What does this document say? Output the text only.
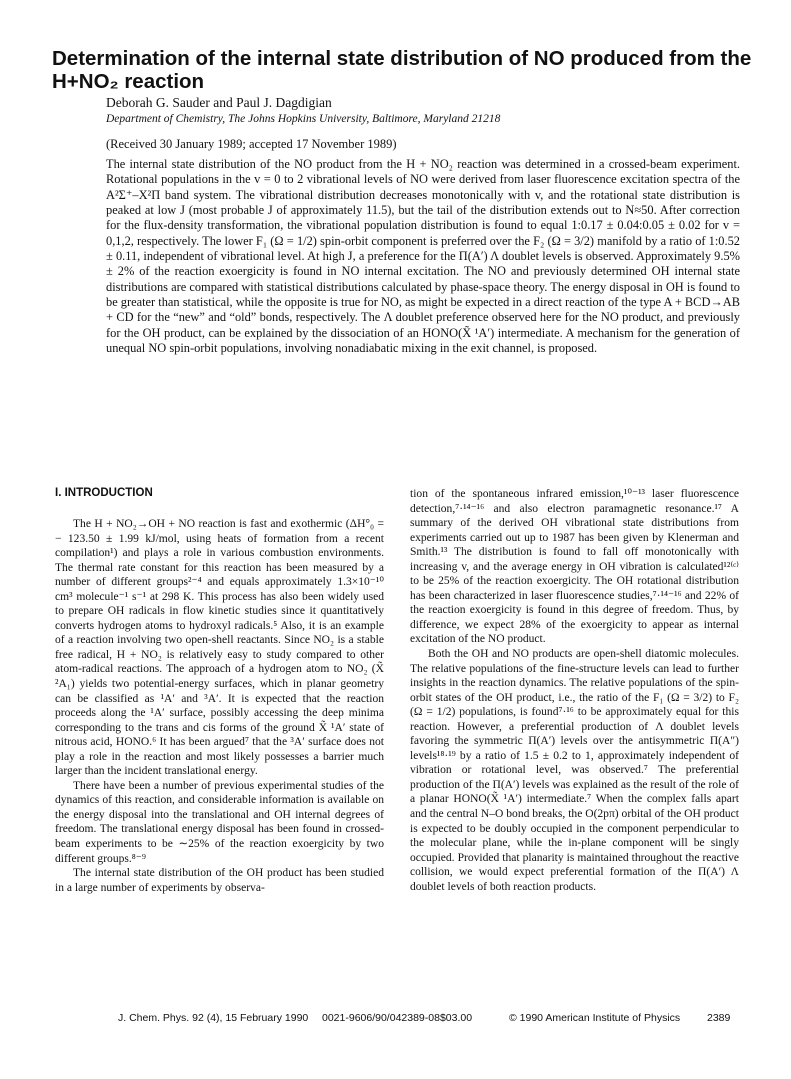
Determination of the internal state distribution of NO produced from the H+NO₂ reaction
Deborah G. Sauder and Paul J. Dagdigian
Department of Chemistry, The Johns Hopkins University, Baltimore, Maryland 21218
(Received 30 January 1989; accepted 17 November 1989)

The internal state distribution of the NO product from the H + NO₂ reaction was determined in a crossed-beam experiment. Rotational populations in the v = 0 to 2 vibrational levels of NO were derived from laser fluorescence excitation spectra of the A²Σ⁺–X²Π band system. The vibrational distribution decreases monotonically with v, and the rotational state distribution is peaked at low J (most probable J of approximately 11.5), but the tail of the distribution extends out to N≈50. After correction for the flux-density transformation, the vibrational population distribution is found to equal 1:0.17 ± 0.04:0.05 ± 0.02 for v = 0,1,2, respectively. The lower F₁ (Ω = 1/2) spin-orbit component is preferred over the F₂ (Ω = 3/2) manifold by a ratio of 1:0.52 ± 0.11, independent of vibrational level. At high J, a preference for the Π(A′) Λ doublet levels is observed. Approximately 9.5% ± 2% of the reaction exoergicity is found in NO internal excitation. The NO and previously determined OH internal state distributions are compared with statistical distributions calculated by phase-space theory. The energy disposal in OH is found to be greater than statistical, while the opposite is true for NO, as might be expected in a direct reaction of the type A + BCD→AB + CD for the “new” and “old” bonds, respectively. The Λ doublet preference observed here for the NO product, and previously for the OH product, can be explained by the dissociation of an HONO(X̃ ¹A′) intermediate. A mechanism for the generation of unequal NO spin-orbit populations, involving nonadiabatic mixing in the exit channel, is proposed.

I. INTRODUCTION

The H + NO₂→OH + NO reaction is fast and exothermic (ΔH°₀ = − 123.50 ± 1.99 kJ/mol, using heats of formation from a recent compilation¹) and plays a role in various combustion environments. The thermal rate constant for this reaction has been measured by a number of different groups²⁻⁴ and equals approximately 1.3×10⁻¹⁰ cm³ molecule⁻¹ s⁻¹ at 298 K. This process has also been widely used to prepare OH radicals in flow kinetic studies since it quantitatively converts hydrogen atoms to hydroxyl radicals.⁵ Also, it is an example of a reaction involving two open-shell reactants. Since NO₂ is a stable free radical, H + NO₂ is relatively easy to study compared to other atom-radical reactions. The approach of a hydrogen atom to NO₂ (X̃ ²A₁) yields two potential-energy surfaces, which in planar geometry can be classified as ¹A′ and ³A′. It is expected that the reaction proceeds along the ¹A′ surface, possibly accessing the deep minima corresponding to the trans and cis forms of the ground X̃ ¹A′ state of nitrous acid, HONO.⁶ It has been argued⁷ that the ³A′ surface does not play a role in the reaction and most likely possesses a barrier much larger than the incident translational energy.

There have been a number of previous experimental studies of the dynamics of this reaction, and considerable information is available on the energy disposal into the translational and OH internal degrees of freedom. The translational energy disposal has been found in crossed-beam experiments to be ∼25% of the reaction exoergicity by two different groups.⁸⁻⁹

The internal state distribution of the OH product has been studied in a large number of experiments by observa-

tion of the spontaneous infrared emission,¹⁰⁻¹³ laser fluorescence detection,⁷·¹⁴⁻¹⁶ and also electron paramagnetic resonance.¹⁷ A summary of the derived OH vibrational state distributions from experiments carried out up to 1987 has been given by Klenerman and Smith.¹³ The distribution is found to fall off monotonically with increasing v, and the average energy in OH vibration is calculated¹²⁽ᶜ⁾ to be 25% of the reaction exoergicity. The OH rotational distribution has been characterized in laser fluorescence studies,⁷·¹⁴⁻¹⁶ and 22% of the reaction exoergicity is found in this degree of freedom. Thus, by difference, we expect 28% of the exoergicity to appear as internal excitation of the NO product.

Both the OH and NO products are open-shell diatomic molecules. The relative populations of the fine-structure levels can lead to further insights in the reaction dynamics. The relative populations of the spin-orbit states of the OH product, i.e., the ratio of the F₁ (Ω = 3/2) to F₂ (Ω = 1/2) populations, is found⁷·¹⁶ to be approximately equal for this reaction. However, a preferential production of Λ doublet levels favoring the symmetric Π(A′) levels over the antisymmetric Π(A″) levels¹⁸·¹⁹ by a ratio of 1.5 ± 0.2 to 1, approximately independent of vibration or rotational level, was observed.⁷ The preferential production of the Π(A′) levels was explained as the result of the role of a planar HONO(X̃ ¹A′) intermediate.⁷ When the complex falls apart and the central N–O bond breaks, the O(2pπ) orbital of the OH product is expected to be doubly occupied in the component perpendicular to the molecular plane, while the in-plane component will be singly occupied. Provided that planarity is maintained throughout the reactive collision, we would expect preferential formation of the Π(A′) Λ doublet levels of both reaction products.

J. Chem. Phys. 92 (4), 15 February 1990 0021-9606/90/042389-08$03.00	© 1990 American Institute of Physics	2389
